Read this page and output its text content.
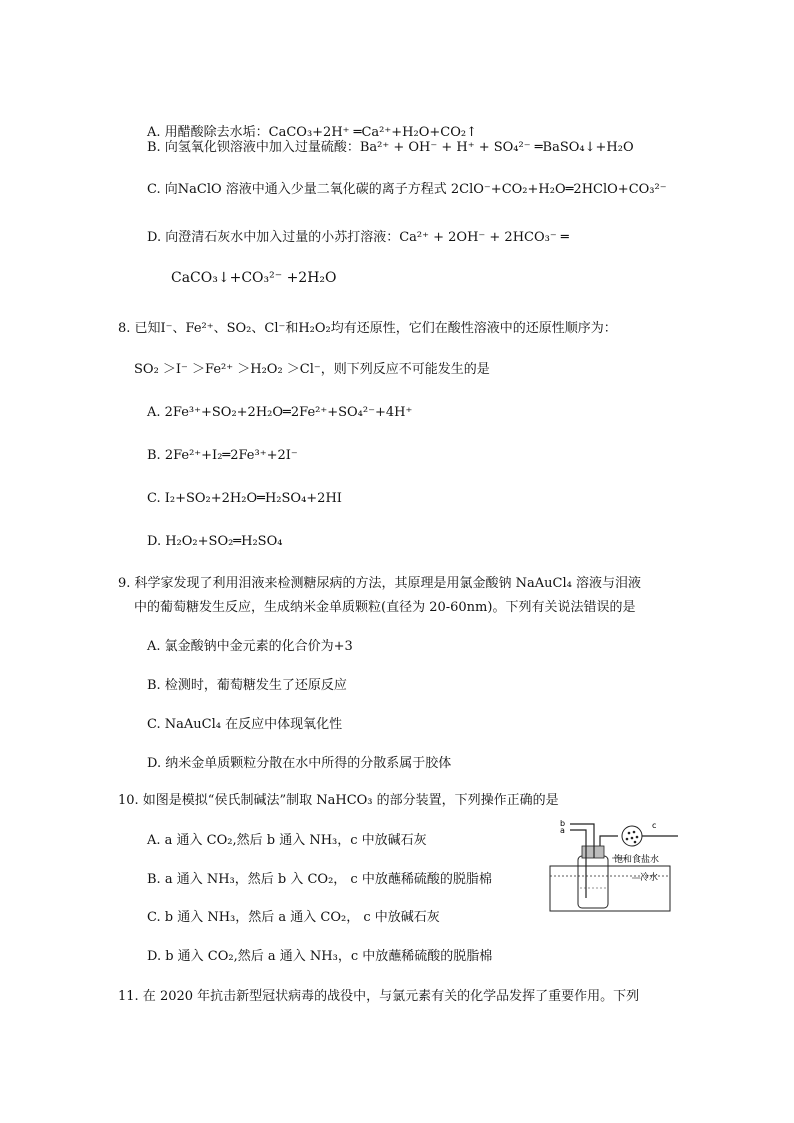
A. 用醋酸除去水垢：CaCO₃+2H⁺ ═Ca²⁺+H₂O+CO₂↑
B. 向氢氧化钡溶液中加入过量硫酸：Ba²⁺ + OH⁻ + H⁺ + SO₄²⁻ ═BaSO₄↓+H₂O
C. 向NaClO 溶液中通入少量二氧化碳的离子方程式 2ClO⁻+CO₂+H₂O═2HClO+CO₃²⁻
D. 向澄清石灰水中加入过量的小苏打溶液：Ca²⁺ + 2OH⁻ + 2HCO₃⁻ ═
CaCO₃↓+CO₃²⁻ +2H₂O
8. 已知I⁻、Fe²⁺、SO₂、Cl⁻和H₂O₂均有还原性，它们在酸性溶液中的还原性顺序为：
SO₂ ＞I⁻ ＞Fe²⁺ ＞H₂O₂ ＞Cl⁻，则下列反应不可能发生的是
A. 2Fe³⁺+SO₂+2H₂O═2Fe²⁺+SO₄²⁻+4H⁺
B. 2Fe²⁺+I₂═2Fe³⁺+2I⁻
C. I₂+SO₂+2H₂O═H₂SO₄+2HI
D. H₂O₂+SO₂═H₂SO₄
9. 科学家发现了利用泪液来检测糖尿病的方法，其原理是用氯金酸钠 NaAuCl₄ 溶液与泪液
中的葡萄糖发生反应，生成纳米金单质颗粒(直径为 20-60nm)。下列有关说法错误的是
A. 氯金酸钠中金元素的化合价为+3
B. 检测时，葡萄糖发生了还原反应
C. NaAuCl₄ 在反应中体现氧化性
D. 纳米金单质颗粒分散在水中所得的分散系属于胶体
10. 如图是模拟“侯氏制碱法”制取 NaHCO₃ 的部分装置，下列操作正确的是
A. a 通入 CO₂,然后 b 通入 NH₃，c 中放碱石灰
B. a 通入 NH₃，然后 b 入 CO₂， c 中放蘸稀硫酸的脱脂棉
C. b 通入 NH₃，然后 a 通入 CO₂， c 中放碱石灰
D. b 通入 CO₂,然后 a 通入 NH₃，c 中放蘸稀硫酸的脱脂棉
b
a
c
饱和食盐水
冷水
11. 在 2020 年抗击新型冠状病毒的战役中，与氯元素有关的化学品发挥了重要作用。下列
